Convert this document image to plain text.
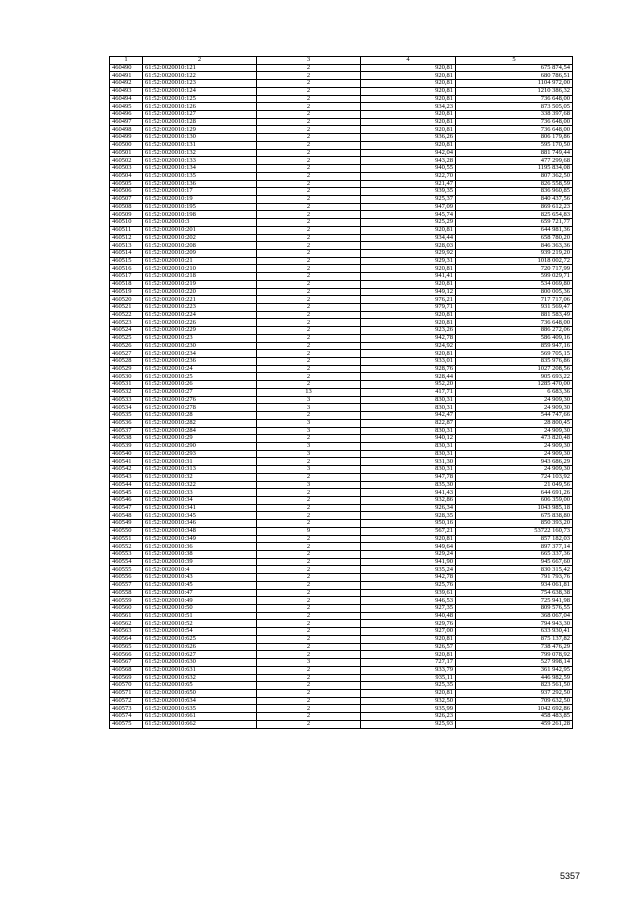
1	2	3	4	5
460490	61:52:0020010:121	2	920,81	675 874,54
460491	61:52:0020010:122	2	920,81	680 786,51
460492	61:52:0020010:123	2	920,81	1104 972,00
460493	61:52:0020010:124	2	920,81	1210 386,32
460494	61:52:0020010:125	2	920,81	736 648,00
460495	61:52:0020010:126	2	934,23	873 505,05
460496	61:52:0020010:127	2	920,81	338 397,68
460497	61:52:0020010:128	2	920,81	736 648,00
460498	61:52:0020010:129	2	920,81	736 648,00
460499	61:52:0020010:130	2	936,26	806 179,86
460500	61:52:0020010:131	2	920,81	595 170,50
460501	61:52:0020010:132	2	942,04	881 749,44
460502	61:52:0020010:133	2	943,28	477 299,68
460503	61:52:0020010:134	2	940,55	1195 834,08
460504	61:52:0020010:135	2	922,70	807 362,50
460505	61:52:0020010:136	2	921,47	826 558,59
460506	61:52:0020010:17	2	939,35	836 960,85
460507	61:52:0020010:19	2	925,37	840 437,56
460508	61:52:0020010:195	2	947,09	869 612,23
460509	61:52:0020010:198	2	945,74	825 654,83
460510	61:52:0020010:3	2	925,29	659 721,77
460511	61:52:0020010:201	2	920,81	644 981,36
460512	61:52:0020010:202	2	934,44	658 780,20
460513	61:52:0020010:208	2	928,03	846 363,36
460514	61:52:0020010:209	2	929,92	939 219,20
460515	61:52:0020010:21	2	929,31	1018 002,72
460516	61:52:0020010:210	2	920,81	720 717,99
460517	61:52:0020010:218	2	941,41	599 029,71
460518	61:52:0020010:219	2	920,81	534 069,80
460519	61:52:0020010:220	2	949,12	800 005,36
460520	61:52:0020010:221	2	976,21	717 717,06
460521	61:52:0020010:223	2	979,71	931 569,47
460522	61:52:0020010:224	2	920,81	881 583,49
460523	61:52:0020010:226	2	920,81	736 648,00
460524	61:52:0020010:229	2	923,26	886 272,06
460525	61:52:0020010:23	2	942,78	586 409,16
460526	61:52:0020010:230	2	924,92	859 947,16
460527	61:52:0020010:234	2	920,81	569 705,15
460528	61:52:0020010:236	2	933,01	835 976,86
460529	61:52:0020010:24	2	928,76	1027 208,56
460530	61:52:0020010:25	2	928,44	905 693,22
460531	61:52:0020010:26	2	952,20	1285 470,00
460532	61:52:0020010:27	13	417,71	6 683,36
460533	61:52:0020010:276	3	830,31	24 909,30
460534	61:52:0020010:278	3	830,31	24 909,30
460535	61:52:0020010:28	2	942,47	544 747,66
460536	61:52:0020010:282	3	822,87	28 800,45
460537	61:52:0020010:284	3	830,31	24 909,30
460538	61:52:0020010:29	2	940,12	473 820,48
460539	61:52:0020010:290	3	830,31	24 909,30
460540	61:52:0020010:293	3	830,31	24 909,30
460541	61:52:0020010:31	2	931,30	943 686,29
460542	61:52:0020010:313	3	830,31	24 909,30
460543	61:52:0020010:32	2	947,78	724 103,92
460544	61:52:0020010:322	3	835,30	21 049,56
460545	61:52:0020010:33	2	941,43	644 691,26
460546	61:52:0020010:34	2	932,86	606 359,00
460547	61:52:0020010:341	2	926,34	1043 985,18
460548	61:52:0020010:345	2	928,35	675 838,80
460549	61:52:0020010:346	2	950,16	850 393,20
460550	61:52:0020010:348	9	567,21	53722 160,73
460551	61:52:0020010:349	2	920,81	857 182,03
460552	61:52:0020010:36	2	949,64	897 377,14
460553	61:52:0020010:38	2	929,24	665 337,36
460554	61:52:0020010:39	2	941,90	945 667,60
460555	61:52:0020010:4	2	935,24	830 315,42
460556	61:52:0020010:43	2	942,78	791 793,76
460557	61:52:0020010:45	2	925,76	934 061,81
460558	61:52:0020010:47	2	939,61	754 638,38
460559	61:52:0020010:49	2	946,53	725 941,98
460560	61:52:0020010:50	2	927,35	809 576,55
460561	61:52:0020010:51	2	940,48	368 067,04
460562	61:52:0020010:52	2	929,76	794 943,30
460563	61:52:0020010:54	2	927,00	633 930,41
460564	61:52:0020010:625	2	920,81	875 137,82
460565	61:52:0020010:626	2	926,57	738 476,29
460566	61:52:0020010:627	2	920,81	799 078,92
460567	61:52:0020010:630	3	727,17	527 998,14
460568	61:52:0020010:631	2	933,79	361 942,95
460569	61:52:0020010:632	2	935,11	446 982,59
460570	61:52:0020010:65	2	925,35	823 561,50
460571	61:52:0020010:650	2	920,81	937 292,50
460572	61:52:0020010:634	2	932,50	709 632,50
460573	61:52:0020010:635	2	935,99	1042 692,86
460574	61:52:0020010:661	2	926,23	458 483,85
460575	61:52:0020010:662	2	925,93	459 261,28
5357
